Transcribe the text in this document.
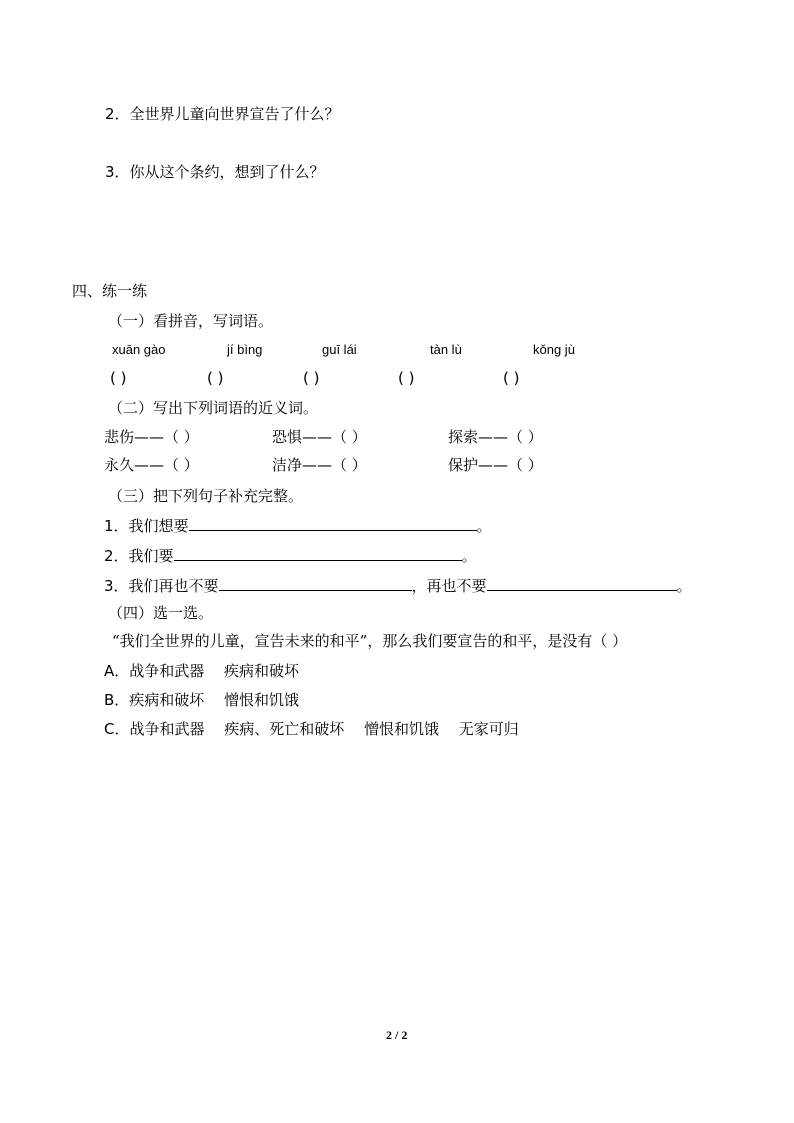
2．全世界儿童向世界宣告了什么？
3．你从这个条约，想到了什么？
四、练一练
（一）看拼音，写词语。
xuān gào	jí bìng	guī lái	tàn lù	kǒng jù
( )	( )	( )	( )	( )
（二）写出下列词语的近义词。
悲伤——（ ）	恐惧——（ ）	探索——（ ）
永久——（ ）	洁净——（ ）	保护——（ ）
（三）把下列句子补充完整。
1．我们想要	。
2．我们要	。
3．我们再也不要	，再也不要	。
（四）选一选。
“我们全世界的儿童，宣告未来的和平”，那么我们要宣告的和平，是没有（ ）
A．战争和武器　 疾病和破坏
B．疾病和破坏　 憎恨和饥饿
C．战争和武器　 疾病、死亡和破坏　 憎恨和饥饿　 无家可归
2 / 2
